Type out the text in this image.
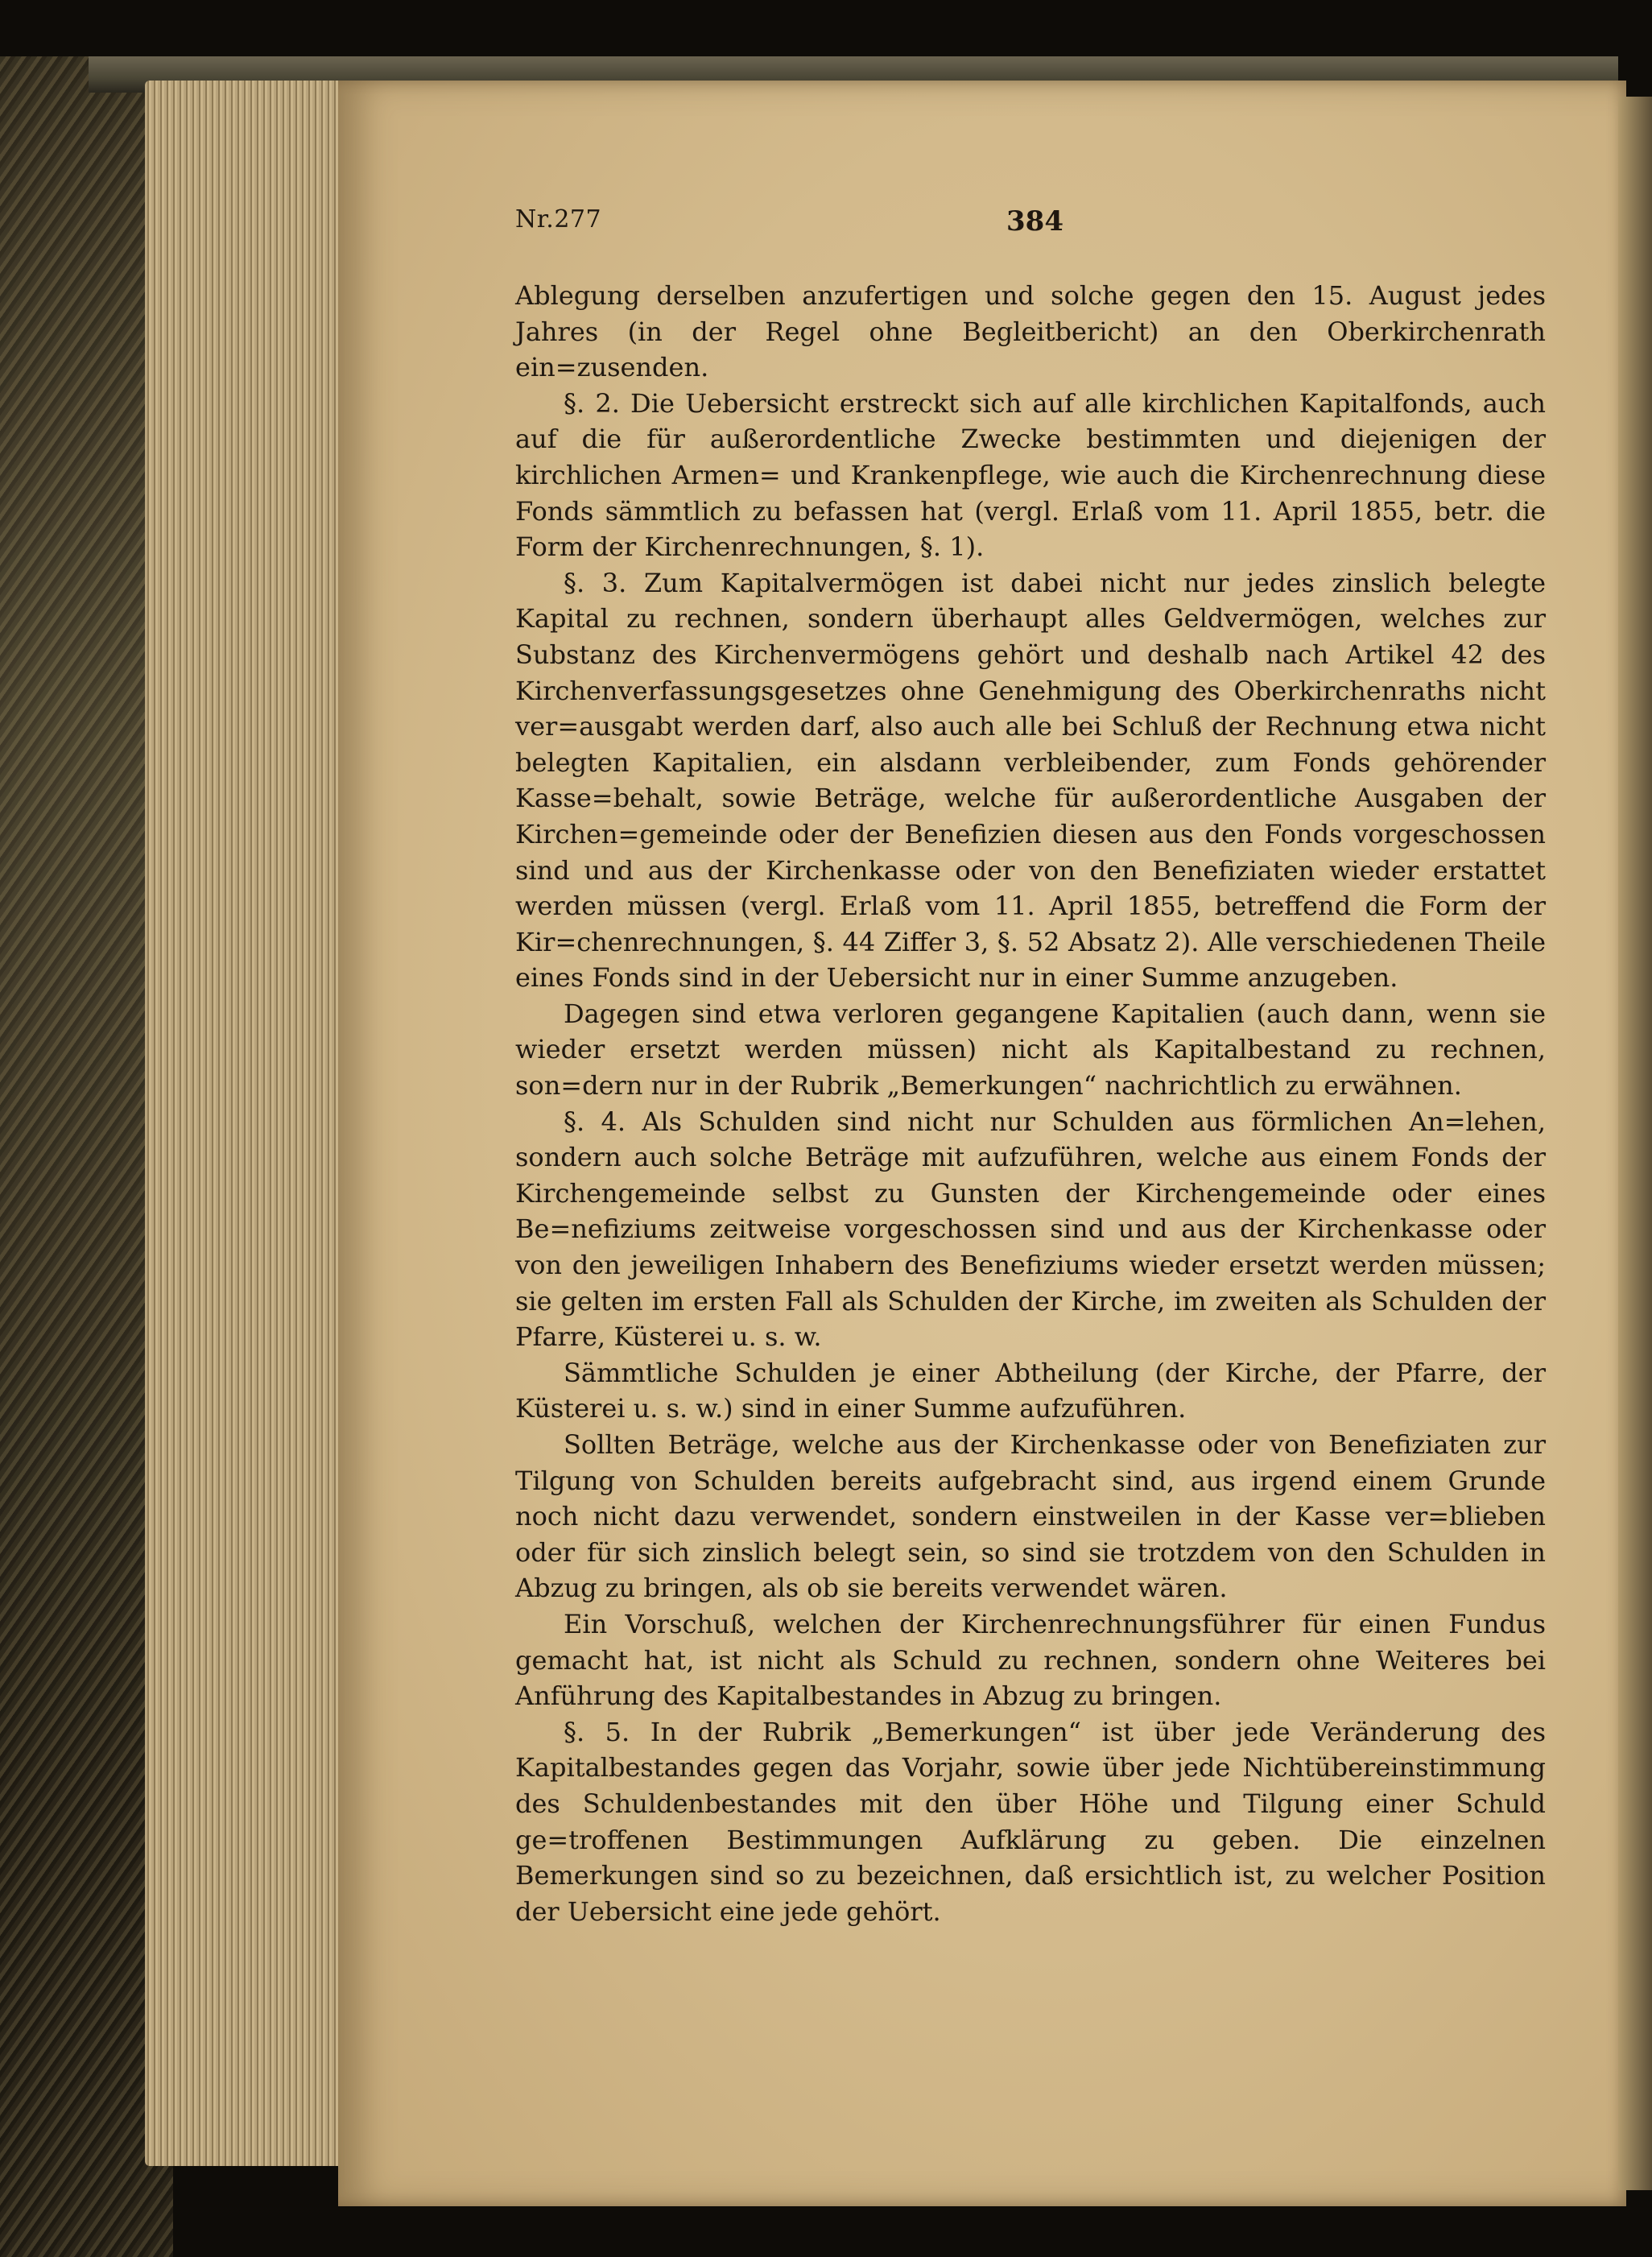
Nr.277	384

Ablegung derselben anzufertigen und solche gegen den 15. August jedes Jahres (in der Regel ohne Begleitbericht) an den Oberkirchenrath ein=zusenden.

§. 2. Die Uebersicht erstreckt sich auf alle kirchlichen Kapitalfonds, auch auf die für außerordentliche Zwecke bestimmten und diejenigen der kirchlichen Armen= und Krankenpflege, wie auch die Kirchenrechnung diese Fonds sämmtlich zu befassen hat (vergl. Erlaß vom 11. April 1855, betr. die Form der Kirchenrechnungen, §. 1).

§. 3. Zum Kapitalvermögen ist dabei nicht nur jedes zinslich belegte Kapital zu rechnen, sondern überhaupt alles Geldvermögen, welches zur Substanz des Kirchenvermögens gehört und deshalb nach Artikel 42 des Kirchenverfassungsgesetzes ohne Genehmigung des Oberkirchenraths nicht ver=ausgabt werden darf, also auch alle bei Schluß der Rechnung etwa nicht belegten Kapitalien, ein alsdann verbleibender, zum Fonds gehörender Kasse=behalt, sowie Beträge, welche für außerordentliche Ausgaben der Kirchen=gemeinde oder der Benefizien diesen aus den Fonds vorgeschossen sind und aus der Kirchenkasse oder von den Benefiziaten wieder erstattet werden müssen (vergl. Erlaß vom 11. April 1855, betreffend die Form der Kir=chenrechnungen, §. 44 Ziffer 3, §. 52 Absatz 2). Alle verschiedenen Theile eines Fonds sind in der Uebersicht nur in einer Summe anzugeben.

Dagegen sind etwa verloren gegangene Kapitalien (auch dann, wenn sie wieder ersetzt werden müssen) nicht als Kapitalbestand zu rechnen, son=dern nur in der Rubrik „Bemerkungen“ nachrichtlich zu erwähnen.

§. 4. Als Schulden sind nicht nur Schulden aus förmlichen An=lehen, sondern auch solche Beträge mit aufzuführen, welche aus einem Fonds der Kirchengemeinde selbst zu Gunsten der Kirchengemeinde oder eines Be=nefiziums zeitweise vorgeschossen sind und aus der Kirchenkasse oder von den jeweiligen Inhabern des Benefiziums wieder ersetzt werden müssen; sie gelten im ersten Fall als Schulden der Kirche, im zweiten als Schulden der Pfarre, Küsterei u. s. w.

Sämmtliche Schulden je einer Abtheilung (der Kirche, der Pfarre, der Küsterei u. s. w.) sind in einer Summe aufzuführen.

Sollten Beträge, welche aus der Kirchenkasse oder von Benefiziaten zur Tilgung von Schulden bereits aufgebracht sind, aus irgend einem Grunde noch nicht dazu verwendet, sondern einstweilen in der Kasse ver=blieben oder für sich zinslich belegt sein, so sind sie trotzdem von den Schulden in Abzug zu bringen, als ob sie bereits verwendet wären.

Ein Vorschuß, welchen der Kirchenrechnungsführer für einen Fundus gemacht hat, ist nicht als Schuld zu rechnen, sondern ohne Weiteres bei Anführung des Kapitalbestandes in Abzug zu bringen.

§. 5. In der Rubrik „Bemerkungen“ ist über jede Veränderung des Kapitalbestandes gegen das Vorjahr, sowie über jede Nichtübereinstimmung des Schuldenbestandes mit den über Höhe und Tilgung einer Schuld ge=troffenen Bestimmungen Aufklärung zu geben. Die einzelnen Bemerkungen sind so zu bezeichnen, daß ersichtlich ist, zu welcher Position der Uebersicht eine jede gehört.
